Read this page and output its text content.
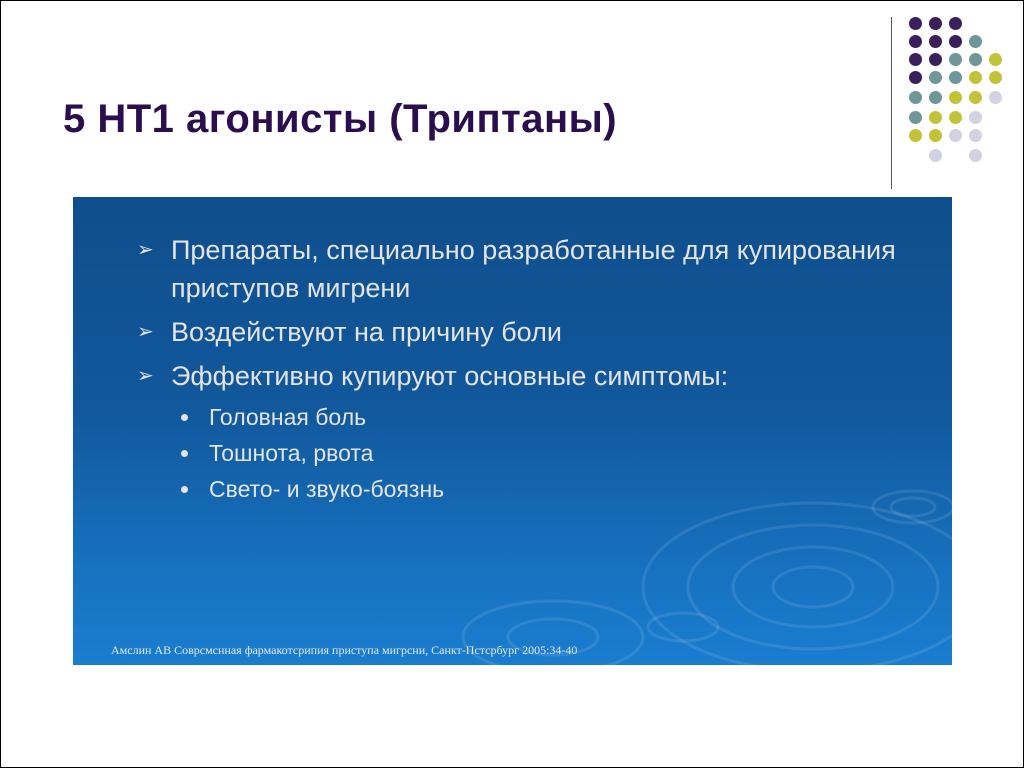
5 HT1 агонисты (Триптаны)
➢ Препараты, специально разработанные для купирования приступов мигрени
➢ Воздействуют на причину боли
➢ Эффективно купируют основные симптомы:
Головная боль
Тошнота, рвота
Свето- и звуко-боязнь
Амслин АВ Соврсмснная фармакотсрипия приступа мигрсни, Санкт-Пстсрбург 2005:34-40
